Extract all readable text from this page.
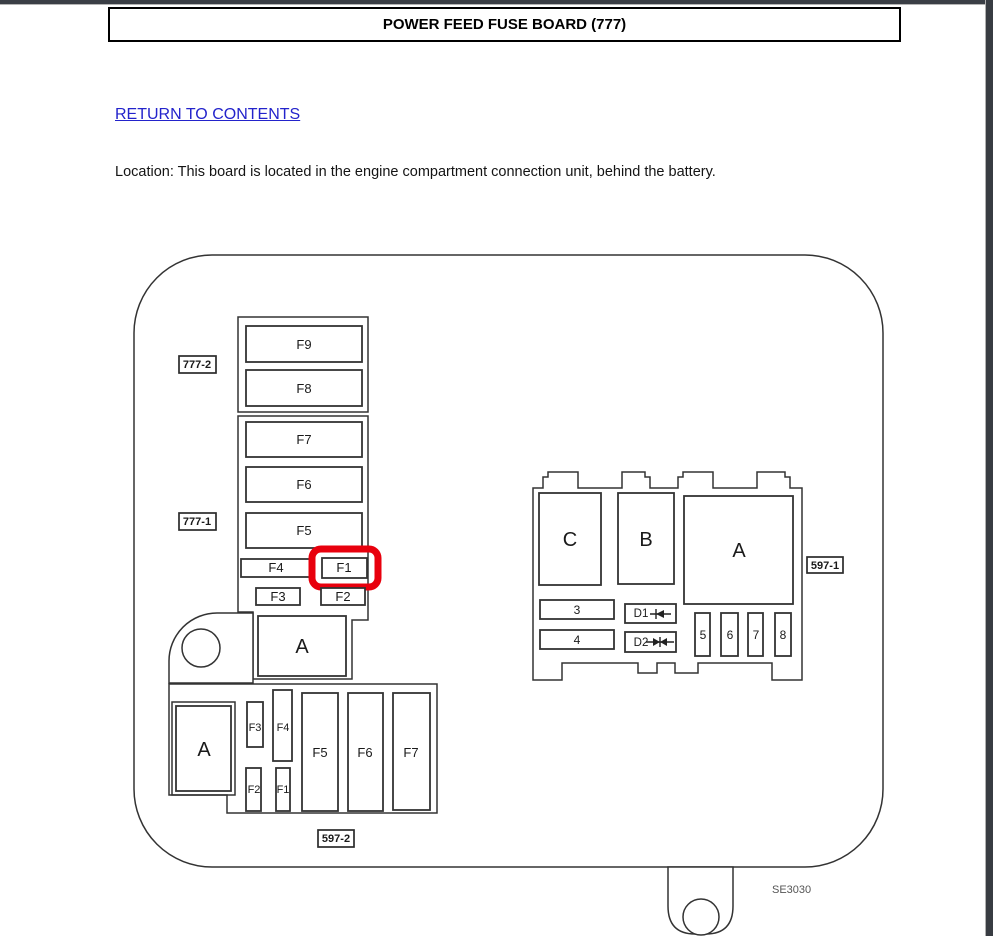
POWER FEED FUSE BOARD (777)
RETURN TO CONTENTS
Location: This board is located in the engine compartment connection unit, behind the battery.
F9
F8
F7
F6
F5
F4	F1
F3	F2
A
777-2
777-1
A
F3 F4
F2 F1
F5 F6 F7
597-2
C	B	A
3
4
D1
D2
5 6 7 8
597-1
SE3030
